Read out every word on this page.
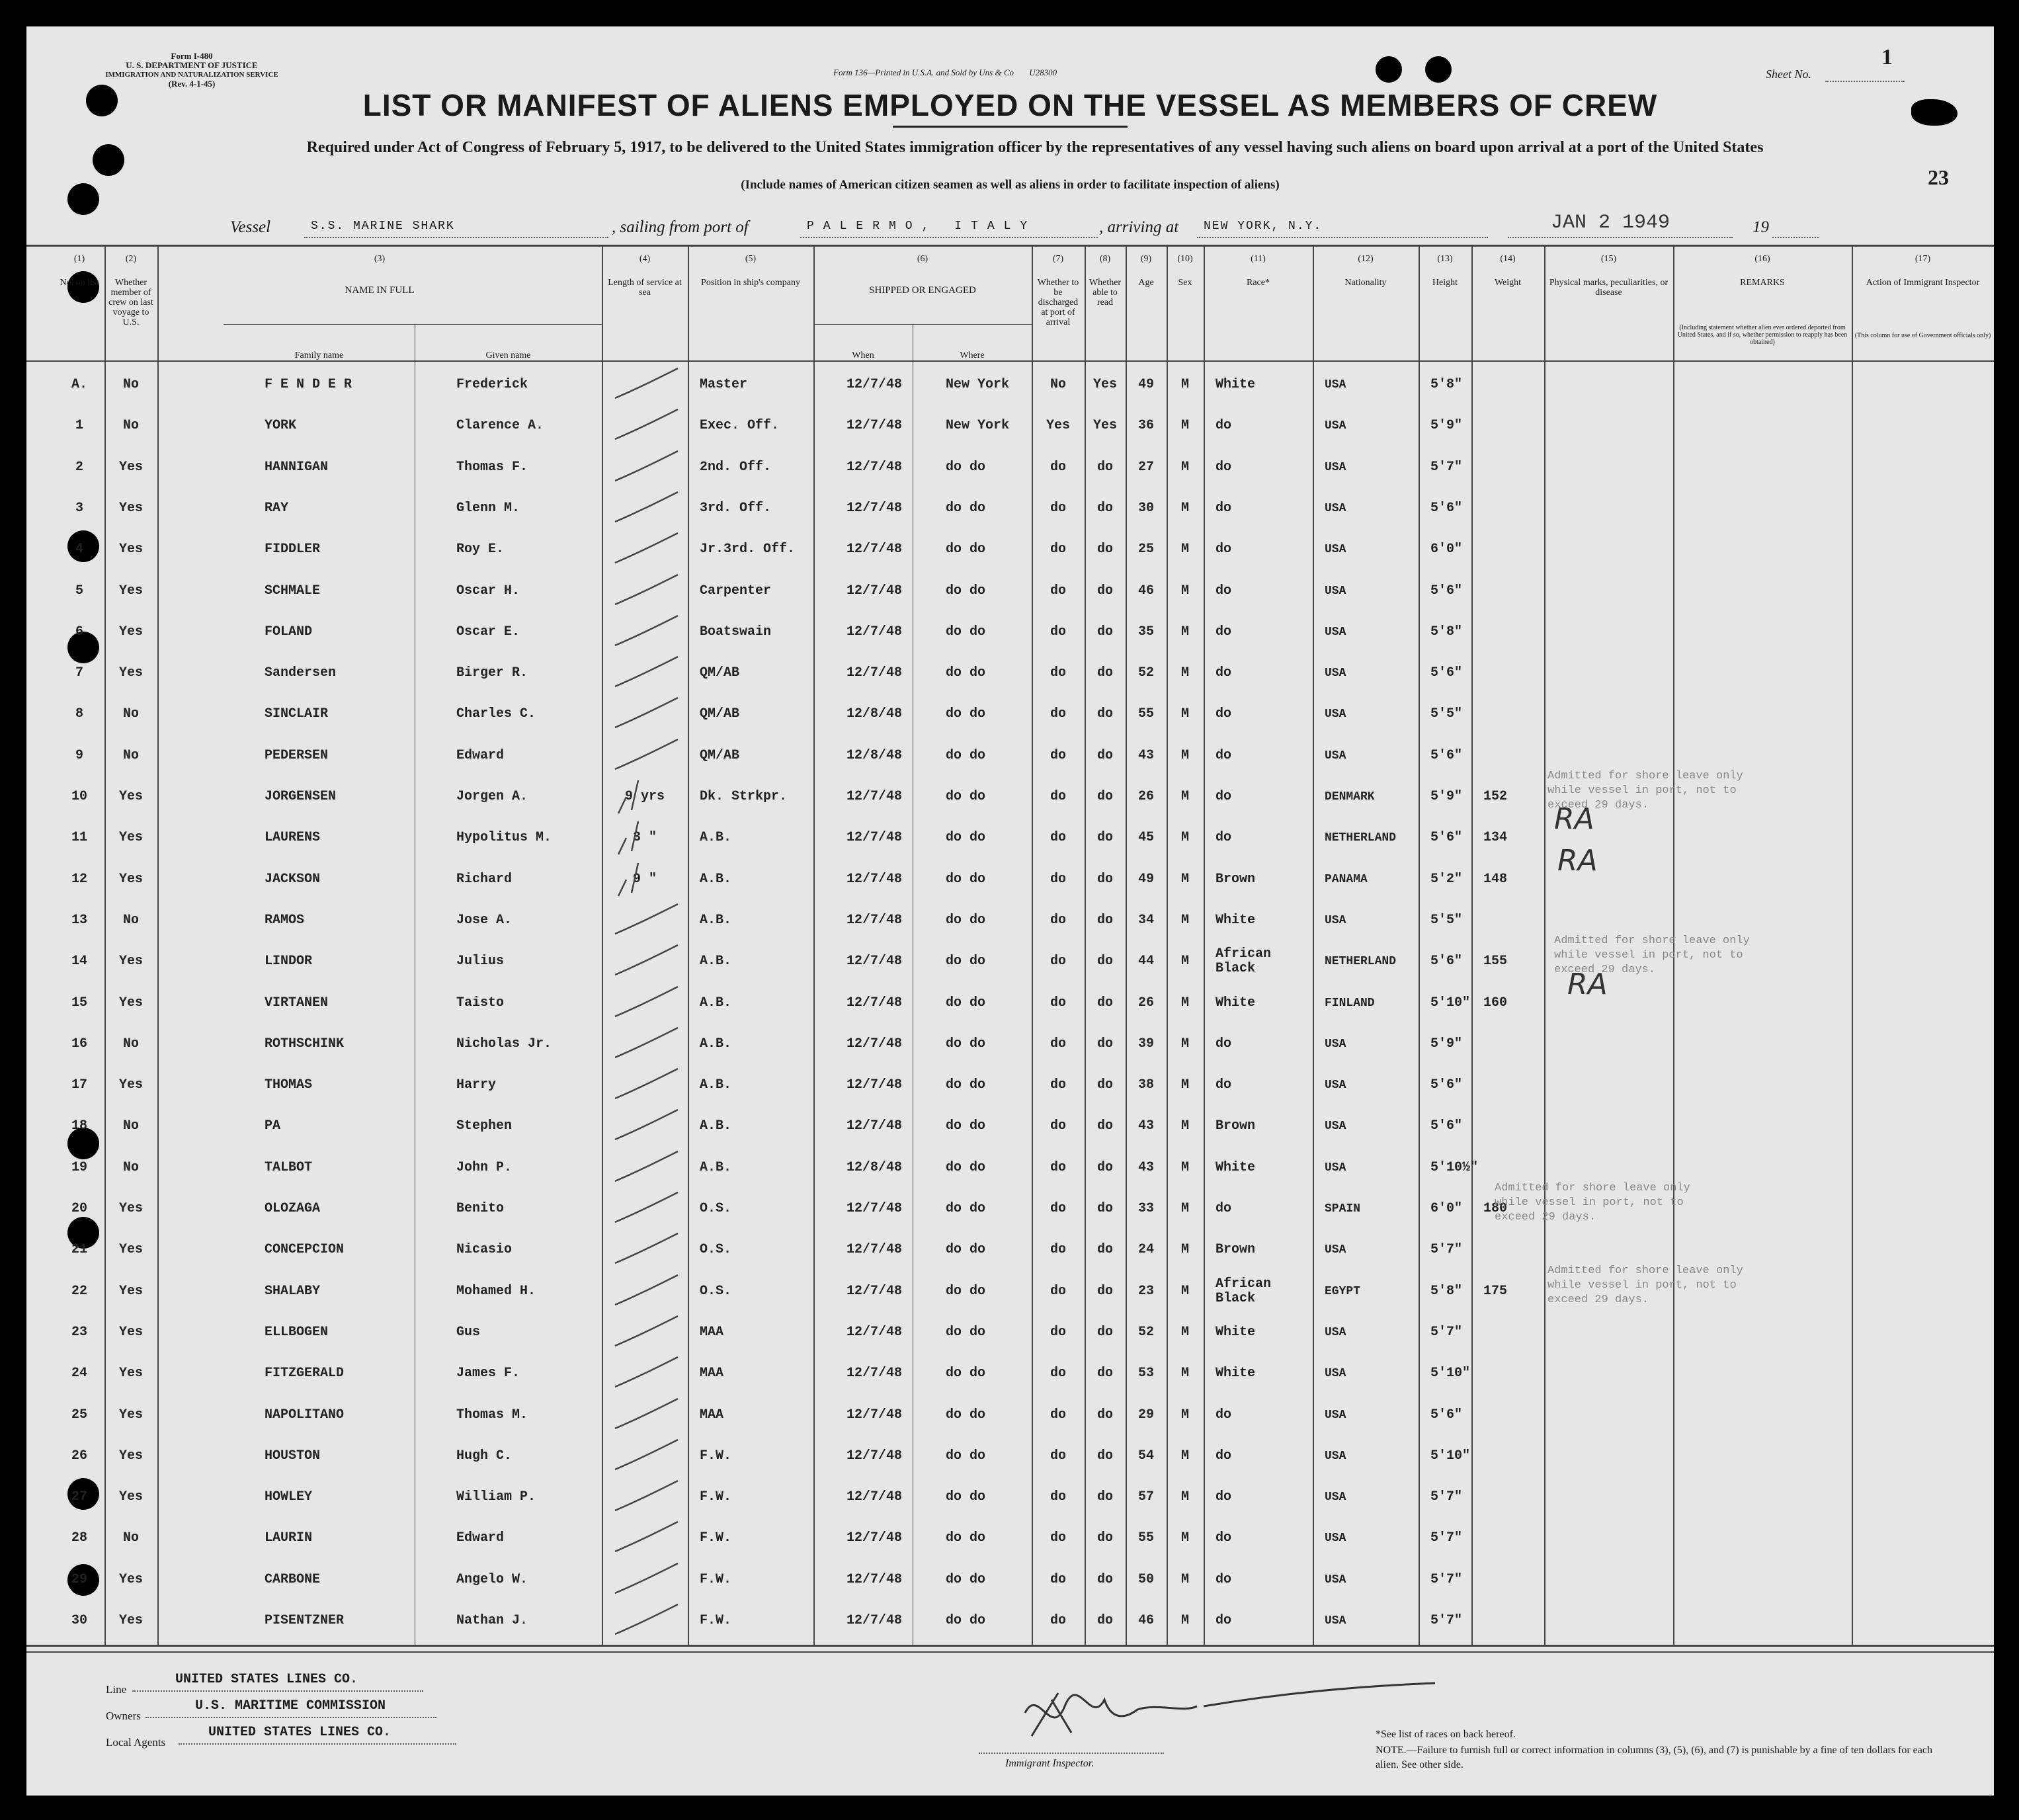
Form I-480
U. S. DEPARTMENT OF JUSTICE
IMMIGRATION AND NATURALIZATION SERVICE
(Rev. 4-1-45)
Form 136—Printed in U.S.A. and Sold by Uns & Co U28300
1
Sheet No.
23
LIST OR MANIFEST OF ALIENS EMPLOYED ON THE VESSEL AS MEMBERS OF CREW
Required under Act of Congress of February 5, 1917, to be delivered to the United States immigration officer by the representatives of any vessel having such aliens on board upon arrival at a port of the United States
(Include names of American citizen seamen as well as aliens in order to facilitate inspection of aliens)
Vessel	S.S. MARINE SHARK	, sailing from port of	PALERMO, ITALY	, arriving at NEW YORK, N.Y.	JAN 2 1949	19
(1)
No. on list
(2)
Whether member of crew on last voyage to U.S.
(3)
NAME IN FULL
(4)
Length of service at sea
(5)
Position in ship's company
(6)
SHIPPED OR ENGAGED
(7)
Whether to be discharged at port of arrival
(8)
Whether able to read
(9)
Age
(10)
Sex
(11)
Race*
(12)
Nationality
(13)
Height
(14)
Weight
(15)
Physical marks, peculiarities, or disease
(16)
REMARKS
(17)
Action of Immigrant Inspector
Family name	Given name	When	Where
(Including statement whether alien ever ordered deported from United States, and if so, whether permission to reapply has been obtained)
(This column for use of Government officials only)
A.	No	F E N D E R	Frederick	Master	12/7/48	New York	No	Yes	49	M	White	USA	5'8"
1	No	YORK	Clarence A.	Exec. Off.	12/7/48	New York	Yes	Yes	36	M	do	USA	5'9"
2	Yes	HANNIGAN	Thomas F.	2nd. Off.	12/7/48	do do	do	do	27	M	do	USA	5'7"
3	Yes	RAY	Glenn M.	3rd. Off.	12/7/48	do do	do	do	30	M	do	USA	5'6"
4	Yes	FIDDLER	Roy E.	Jr.3rd. Off.	12/7/48	do do	do	do	25	M	do	USA	6'0"
5	Yes	SCHMALE	Oscar H.	Carpenter	12/7/48	do do	do	do	46	M	do	USA	5'6"
6	Yes	FOLAND	Oscar E.	Boatswain	12/7/48	do do	do	do	35	M	do	USA	5'8"
7	Yes	Sandersen	Birger R.	QM/AB	12/7/48	do do	do	do	52	M	do	USA	5'6"
8	No	SINCLAIR	Charles C.	QM/AB	12/8/48	do do	do	do	55	M	do	USA	5'5"
9	No	PEDERSEN	Edward	QM/AB	12/8/48	do do	do	do	43	M	do	USA	5'6"
10	Yes	JORGENSEN	Jorgen A.	9 yrs	Dk. Strkpr.	12/7/48	do do	do	do	26	M	do	DENMARK	5'9"	152
11	Yes	LAURENS	Hypolitus M.	3 "	A.B.	12/7/48	do do	do	do	45	M	do	NETHERLAND	5'6"	134
12	Yes	JACKSON	Richard	9 "	A.B.	12/7/48	do do	do	do	49	M	Brown	PANAMA	5'2"	148
13	No	RAMOS	Jose A.	A.B.	12/7/48	do do	do	do	34	M	White	USA	5'5"
14	Yes	LINDOR	Julius	A.B.	12/7/48	do do	do	do	44	M	African Black	NETHERLAND	5'6"	155
15	Yes	VIRTANEN	Taisto	A.B.	12/7/48	do do	do	do	26	M	White	FINLAND	5'10" 160
16	No	ROTHSCHINK	Nicholas Jr.	A.B.	12/7/48	do do	do	do	39	M	do	USA	5'9"
17	Yes	THOMAS	Harry	A.B.	12/7/48	do do	do	do	38	M	do	USA	5'6"
18	No	PA	Stephen	A.B.	12/7/48	do do	do	do	43	M	Brown	USA	5'6"
19	No	TALBOT	John P.	A.B.	12/8/48	do do	do	do	43	M	White	USA	5'10½"
20	Yes	OLOZAGA	Benito	O.S.	12/7/48	do do	do	do	33	M	do	SPAIN	6'0"	180
21	Yes	CONCEPCION	Nicasio	O.S.	12/7/48	do do	do	do	24	M	Brown	USA	5'7"
22	Yes	SHALABY	Mohamed H.	O.S.	12/7/48	do do	do	do	23	M	African Black	EGYPT	5'8"	175
23	Yes	ELLBOGEN	Gus	MAA	12/7/48	do do	do	do	52	M	White	USA	5'7"
24	Yes	FITZGERALD	James F.	MAA	12/7/48	do do	do	do	53	M	White	USA	5'10"
25	Yes	NAPOLITANO	Thomas M.	MAA	12/7/48	do do	do	do	29	M	do	USA	5'6"
26	Yes	HOUSTON	Hugh C.	F.W.	12/7/48	do do	do	do	54	M	do	USA	5'10"
27	Yes	HOWLEY	William P.	F.W.	12/7/48	do do	do	do	57	M	do	USA	5'7"
28	No	LAURIN	Edward	F.W.	12/7/48	do do	do	do	55	M	do	USA	5'7"
29	Yes	CARBONE	Angelo W.	F.W.	12/7/48	do do	do	do	50	M	do	USA	5'7"
30	Yes	PISENTZNER	Nathan J.	F.W.	12/7/48	do do	do	do	46	M	do	USA	5'7"
RA
RA
RA
Admitted for shore leave only
while vessel in port, not to
exceed 29 days.
Admitted for shore leave only
while vessel in port, not to
exceed 29 days.
Admitted for shore leave only
while vessel in port, not to
exceed 29 days.
Admitted for shore leave only
while vessel in port, not to
exceed 29 days.
Line
UNITED STATES LINES CO.
Owners
U.S. MARITIME COMMISSION
Local Agents
UNITED STATES LINES CO.
Immigrant Inspector.
*See list of races on back hereof.
NOTE.—Failure to furnish full or correct information in columns (3), (5), (6), and (7) is punishable by a fine of ten dollars for each alien. See other side.
